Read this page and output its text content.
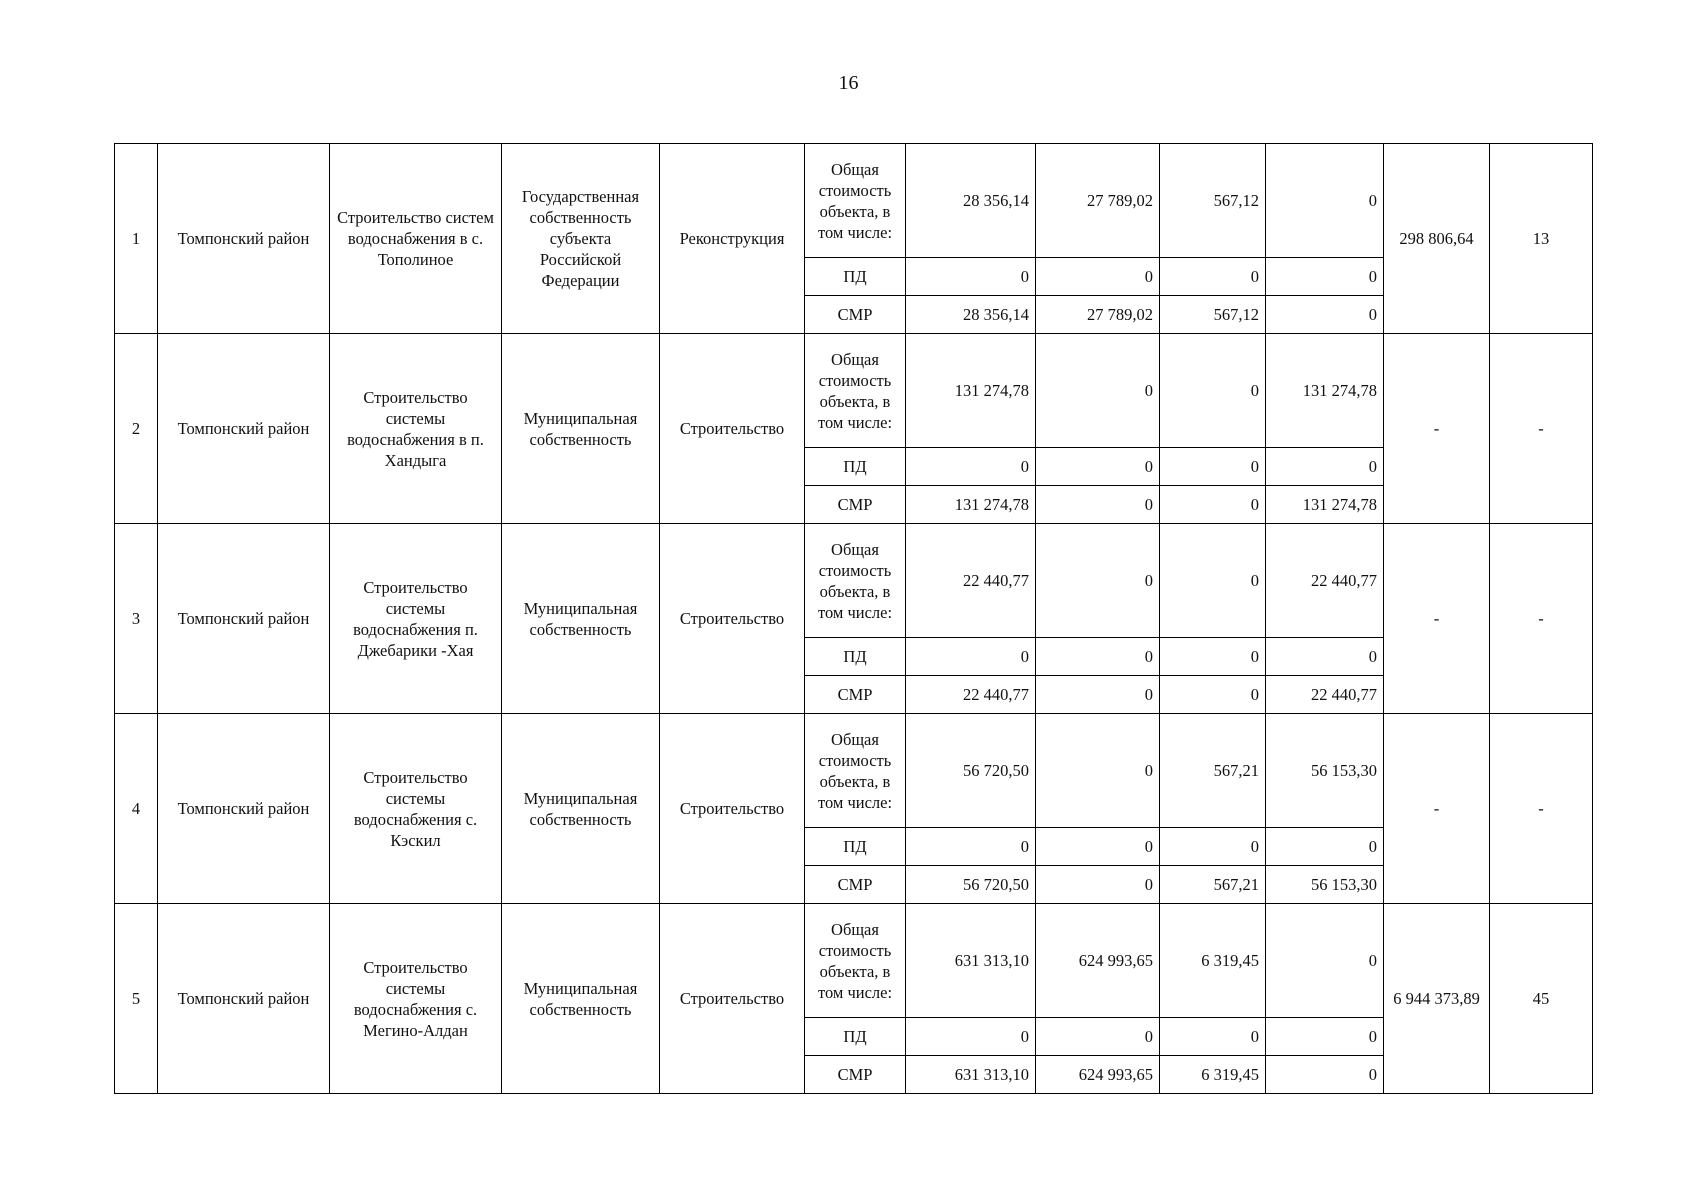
16
1	Томпонский район	Строительство систем водоснабжения в с. Тополиное	Государственная собственность субъекта Российской Федерации	Реконструкция	Общая стоимость объекта, в том числе:	28 356,14	27 789,02	567,12	0	298 806,64	13
					ПД	0	0	0	0		
					СМР	28 356,14	27 789,02	567,12	0		
2	Томпонский район	Строительство системы водоснабжения в п. Хандыга	Муниципальная собственность	Строительство	Общая стоимость объекта, в том числе:	131 274,78	0	0	131 274,78	-	-
					ПД	0	0	0	0		
					СМР	131 274,78	0	0	131 274,78		
3	Томпонский район	Строительство системы водоснабжения п. Джебарики -Хая	Муниципальная собственность	Строительство	Общая стоимость объекта, в том числе:	22 440,77	0	0	22 440,77	-	-
					ПД	0	0	0	0		
					СМР	22 440,77	0	0	22 440,77		
4	Томпонский район	Строительство системы водоснабжения с. Кэскил	Муниципальная собственность	Строительство	Общая стоимость объекта, в том числе:	56 720,50	0	567,21	56 153,30	-	-
					ПД	0	0	0	0		
					СМР	56 720,50	0	567,21	56 153,30		
5	Томпонский район	Строительство системы водоснабжения с. Мегино-Алдан	Муниципальная собственность	Строительство	Общая стоимость объекта, в том числе:	631 313,10	624 993,65	6 319,45	0	6 944 373,89	45
					ПД	0	0	0	0		
					СМР	631 313,10	624 993,65	6 319,45	0		
